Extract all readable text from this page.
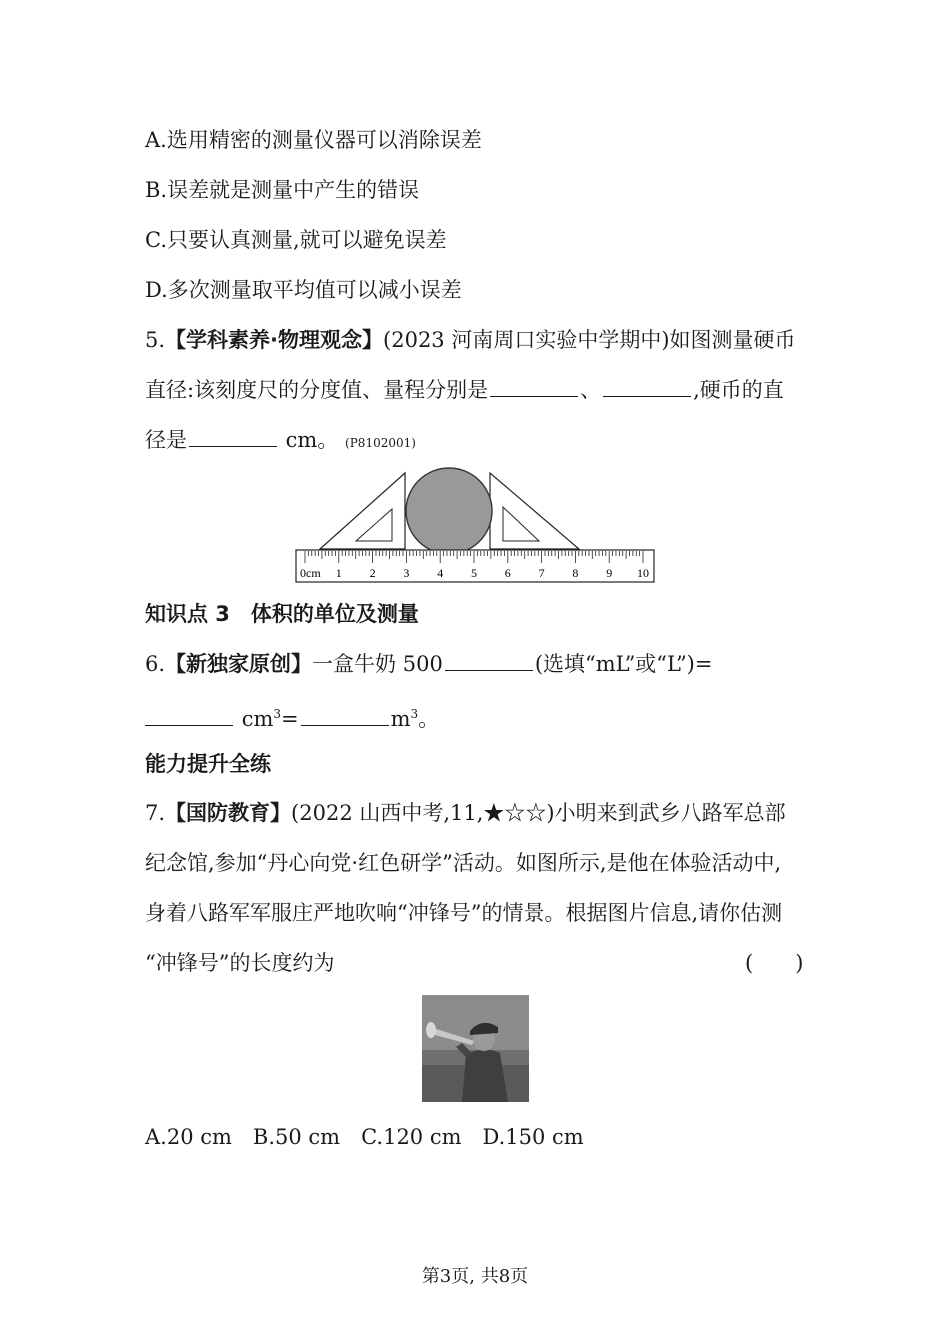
A.选用精密的测量仪器可以消除误差
B.误差就是测量中产生的错误
C.只要认真测量,就可以避免误差
D.多次测量取平均值可以减小误差
5.【学科素养·物理观念】(2023 河南周口实验中学期中)如图测量硬币
直径:该刻度尺的分度值、量程分别是	、	,硬币的直
径是	cm。 (P8102001)
0cm 1 2 3 4 5 6 7 8 9 10
知识点 3　体积的单位及测量
6.【新独家原创】一盒牛奶 500	(选填“mL”或“L”)=
$cm^3=$	$m^3$。
能力提升全练
7.【国防教育】(2022 山西中考,11,★☆☆)小明来到武乡八路军总部
纪念馆,参加“丹心向党·红色研学”活动。如图所示,是他在体验活动中,
身着八路军军服庄严地吹响“冲锋号”的情景。根据图片信息,请你估测
“冲锋号”的长度约为	(　　)
A.20 cm　B.50 cm　C.120 cm　D.150 cm
第3页, 共8页
